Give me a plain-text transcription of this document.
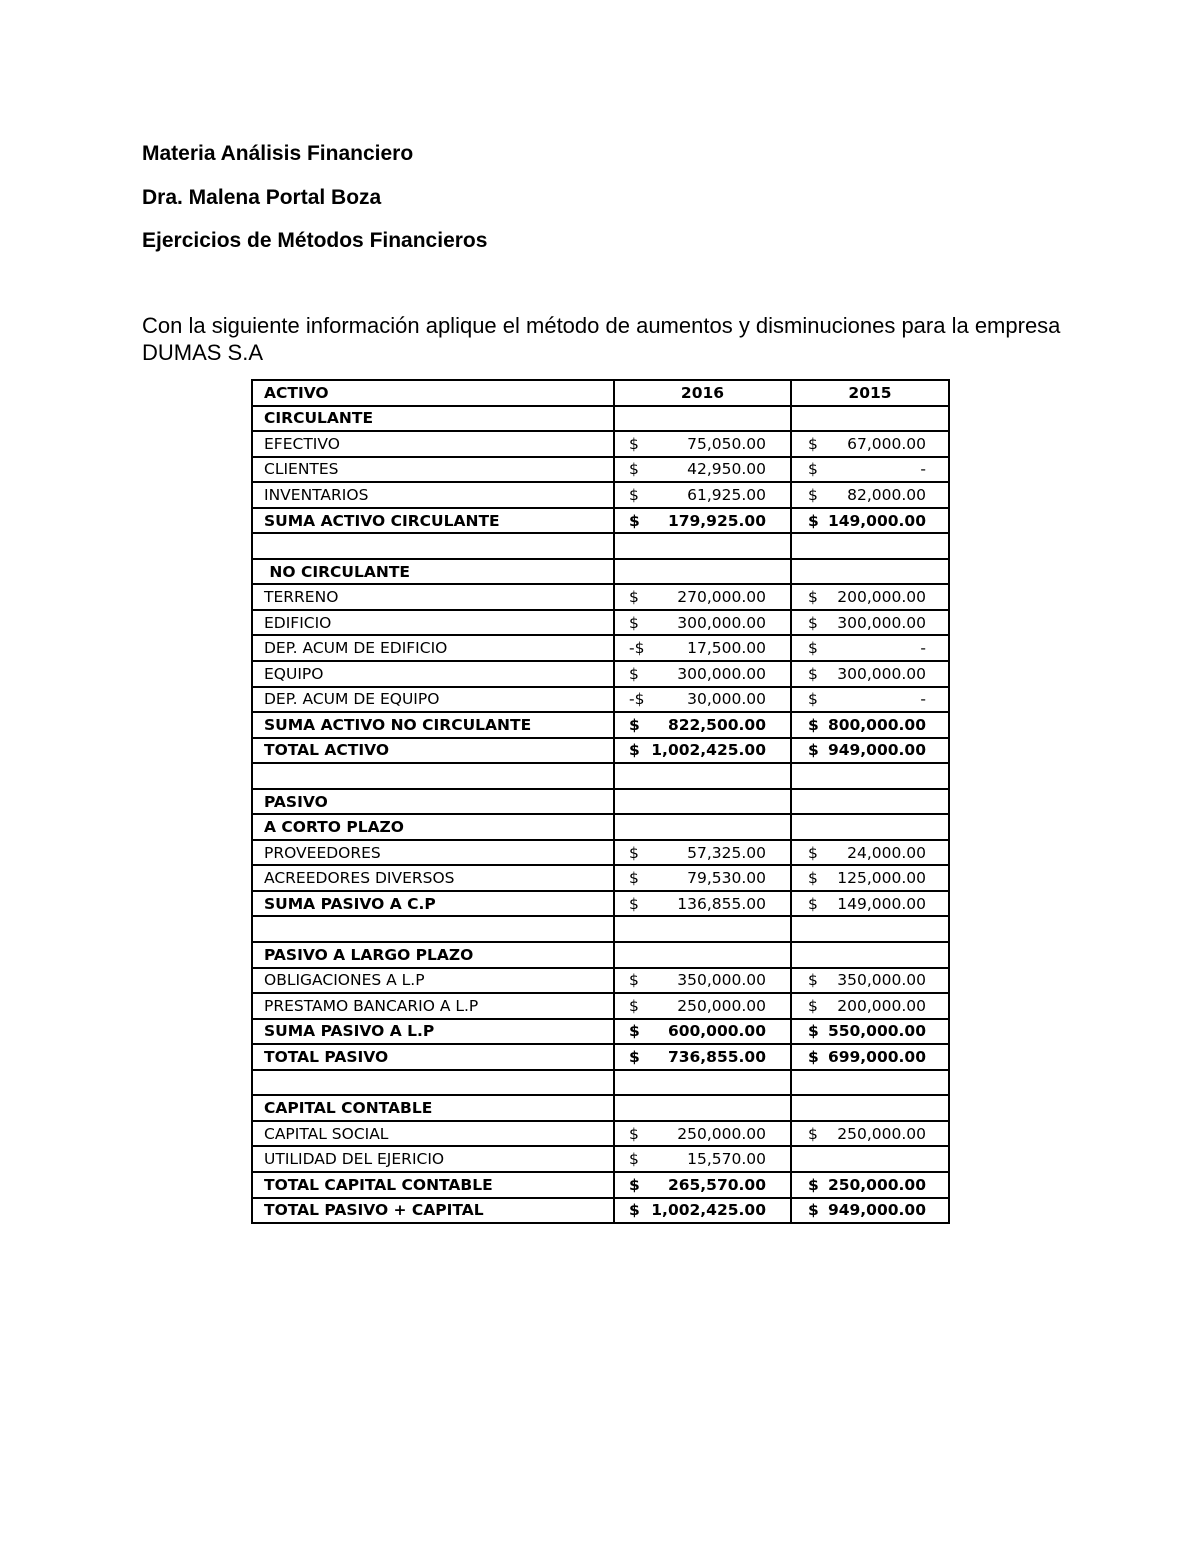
Materia Análisis Financiero

Dra. Malena Portal Boza

Ejercicios de Métodos Financieros

Con la siguiente información aplique el método de aumentos y disminuciones para la empresa DUMAS S.A

ACTIVO	2016	2015
CIRCULANTE	

EFECTIVO	$ 75,050.00	$ 67,000.00

CLIENTES	$ 42,950.00	$ -

INVENTARIOS	$ 61,925.00	$ 82,000.00

SUMA ACTIVO CIRCULANTE	$ 179,925.00	$ 149,000.00

NO CIRCULANTE	

TERRENO	$ 270,000.00	$ 200,000.00

EDIFICIO	$ 300,000.00	$ 300,000.00

DEP. ACUM DE EDIFICIO	-$ 17,500.00	$ -

EQUIPO	$ 300,000.00	$ 300,000.00

DEP. ACUM DE EQUIPO	-$ 30,000.00	$ -

SUMA ACTIVO NO CIRCULANTE	$ 822,500.00	$ 800,000.00

TOTAL ACTIVO	$ 1,002,425.00	$ 949,000.00

PASIVO	

A CORTO PLAZO	

PROVEEDORES	$ 57,325.00	$ 24,000.00

ACREEDORES DIVERSOS	$ 79,530.00	$ 125,000.00

SUMA PASIVO A C.P	$ 136,855.00	$ 149,000.00

PASIVO A LARGO PLAZO	

OBLIGACIONES A L.P	$ 350,000.00	$ 350,000.00

PRESTAMO BANCARIO A L.P	$ 250,000.00	$ 200,000.00

SUMA PASIVO A L.P	$ 600,000.00	$ 550,000.00

TOTAL PASIVO	$ 736,855.00	$ 699,000.00

CAPITAL CONTABLE	

CAPITAL SOCIAL	$ 250,000.00	$ 250,000.00

UTILIDAD DEL EJERICIO	$ 15,570.00	

TOTAL CAPITAL CONTABLE	$ 265,570.00	$ 250,000.00

TOTAL PASIVO + CAPITAL	$ 1,002,425.00	$ 949,000.00
